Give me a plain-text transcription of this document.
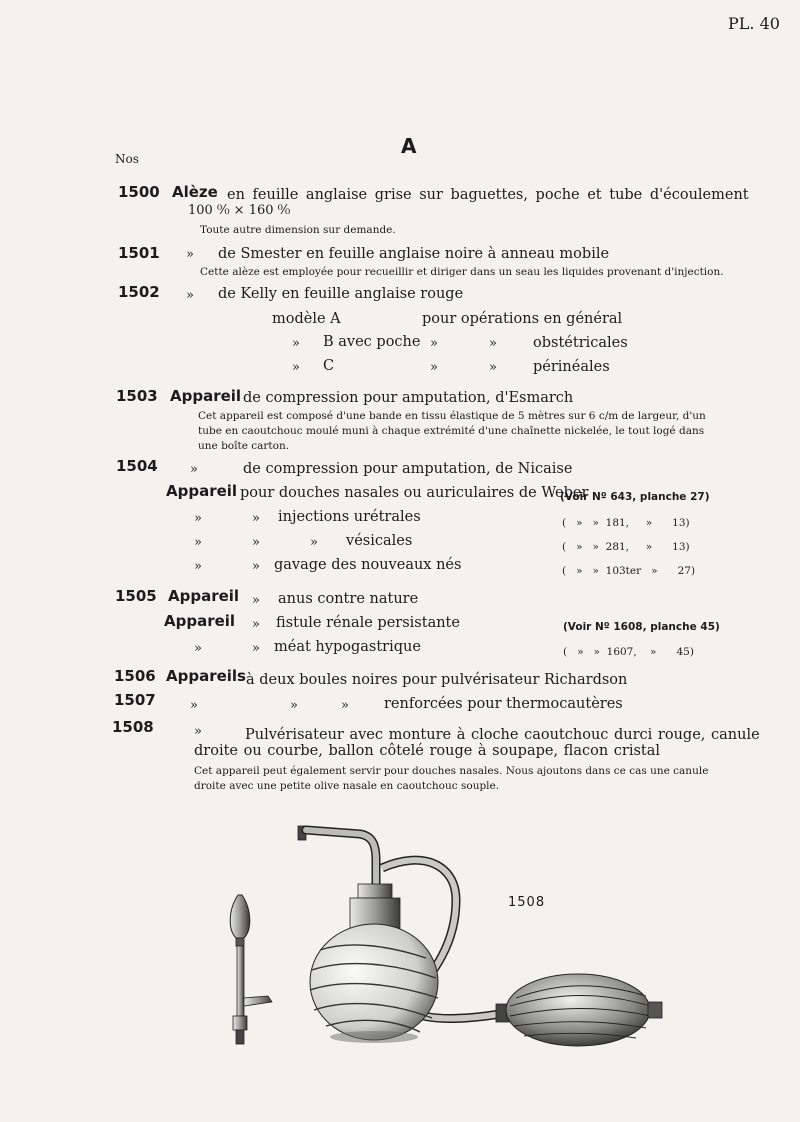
PL. 40
A
Nos
1500 Alèze en feuille anglaise grise sur baguettes, poche et tube d'écoulement
100 ⁰⁄₀ × 160 ⁰⁄₀
Toute autre dimension sur demande.
1501 » de Smester en feuille anglaise noire à anneau mobile
Cette alèze est employée pour recueillir et diriger dans un seau les liquides provenant d'injection.
1502 » de Kelly en feuille anglaise rouge
modèle A	pour opérations en général
» B avec poche »	» obstétricales
» C	»	» périnéales
1503 Appareil de compression pour amputation, d'Esmarch
Cet appareil est composé d'une bande en tissu élastique de 5 mètres sur 6 c/m de largeur, d'un tube en caoutchouc moulé muni à chaque extrémité d'une chaînette nickelée, le tout logé dans une boîte carton.
1504 »	de compression pour amputation, de Nicaise
Appareil pour douches nasales ou auriculaires de Weber
(Voir Nº 643, planche 27)
»	» injections urétrales	(   »   »  181,     »      13)
»	»	» vésicales	(   »   »  281,     »      13)
»	» gavage des nouveaux nés	(   »   »  103ter   »      27)
1505 Appareil » anus contre nature
Appareil » fistule rénale persistante	(Voir Nº 1608, planche 45)
»	» méat hypogastrique	(   »   »  1607,    »      45)
1506 Appareils à deux boules noires pour pulvérisateur Richardson
1507	»	»	» renforcées pour thermocautères
1508	»	Pulvérisateur avec monture à cloche caoutchouc durci rouge, canule
droite ou courbe, ballon côtelé rouge à soupape, flacon cristal
Cet appareil peut également servir pour douches nasales. Nous ajoutons dans ce cas une canule droite avec une petite olive nasale en caoutchouc souple.
1508
